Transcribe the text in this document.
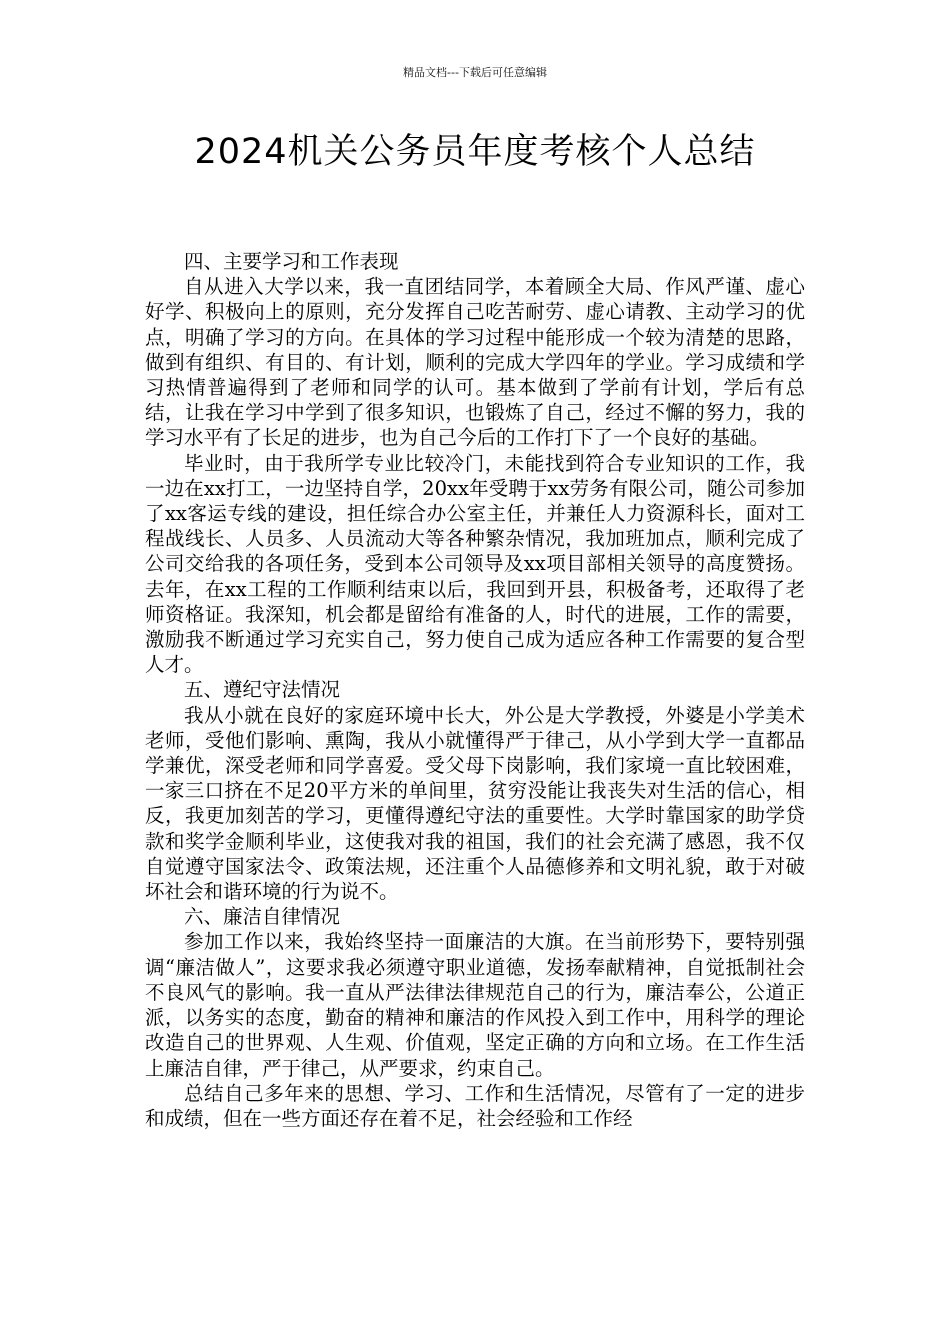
精品文档---下载后可任意编辑
2024机关公务员年度考核个人总结

四、主要学习和工作表现

自从进入大学以来，我一直团结同学，本着顾全大局、作风严谨、虚心好学、积极向上的原则，充分发挥自己吃苦耐劳、虚心请教、主动学习的优点，明确了学习的方向。在具体的学习过程中能形成一个较为清楚的思路，做到有组织、有目的、有计划，顺利的完成大学四年的学业。学习成绩和学习热情普遍得到了老师和同学的认可。基本做到了学前有计划，学后有总结，让我在学习中学到了很多知识，也锻炼了自己，经过不懈的努力，我的学习水平有了长足的进步，也为自己今后的工作打下了一个良好的基础。

毕业时，由于我所学专业比较冷门，未能找到符合专业知识的工作，我一边在xx打工，一边坚持自学，20xx年受聘于xx劳务有限公司，随公司参加了xx客运专线的建设，担任综合办公室主任，并兼任人力资源科长，面对工程战线长、人员多、人员流动大等各种繁杂情况，我加班加点，顺利完成了公司交给我的各项任务，受到本公司领导及xx项目部相关领导的高度赞扬。去年，在xx工程的工作顺利结束以后，我回到开县，积极备考，还取得了老师资格证。我深知，机会都是留给有准备的人，时代的进展，工作的需要，激励我不断通过学习充实自己，努力使自己成为适应各种工作需要的复合型人才。

五、遵纪守法情况

我从小就在良好的家庭环境中长大，外公是大学教授，外婆是小学美术老师，受他们影响、熏陶，我从小就懂得严于律己，从小学到大学一直都品学兼优，深受老师和同学喜爱。受父母下岗影响，我们家境一直比较困难，一家三口挤在不足20平方米的单间里，贫穷没能让我丧失对生活的信心，相反，我更加刻苦的学习，更懂得遵纪守法的重要性。大学时靠国家的助学贷款和奖学金顺利毕业，这使我对我的祖国，我们的社会充满了感恩，我不仅自觉遵守国家法令、政策法规，还注重个人品德修养和文明礼貌，敢于对破坏社会和谐环境的行为说不。

六、廉洁自律情况

参加工作以来，我始终坚持一面廉洁的大旗。在当前形势下，要特别强调“廉洁做人”，这要求我必须遵守职业道德，发扬奉献精神，自觉抵制社会不良风气的影响。我一直从严法律法律规范自己的行为，廉洁奉公，公道正派，以务实的态度，勤奋的精神和廉洁的作风投入到工作中，用科学的理论改造自己的世界观、人生观、价值观，坚定正确的方向和立场。在工作生活上廉洁自律，严于律己，从严要求，约束自己。

总结自己多年来的思想、学习、工作和生活情况，尽管有了一定的进步和成绩，但在一些方面还存在着不足，社会经验和工作经
